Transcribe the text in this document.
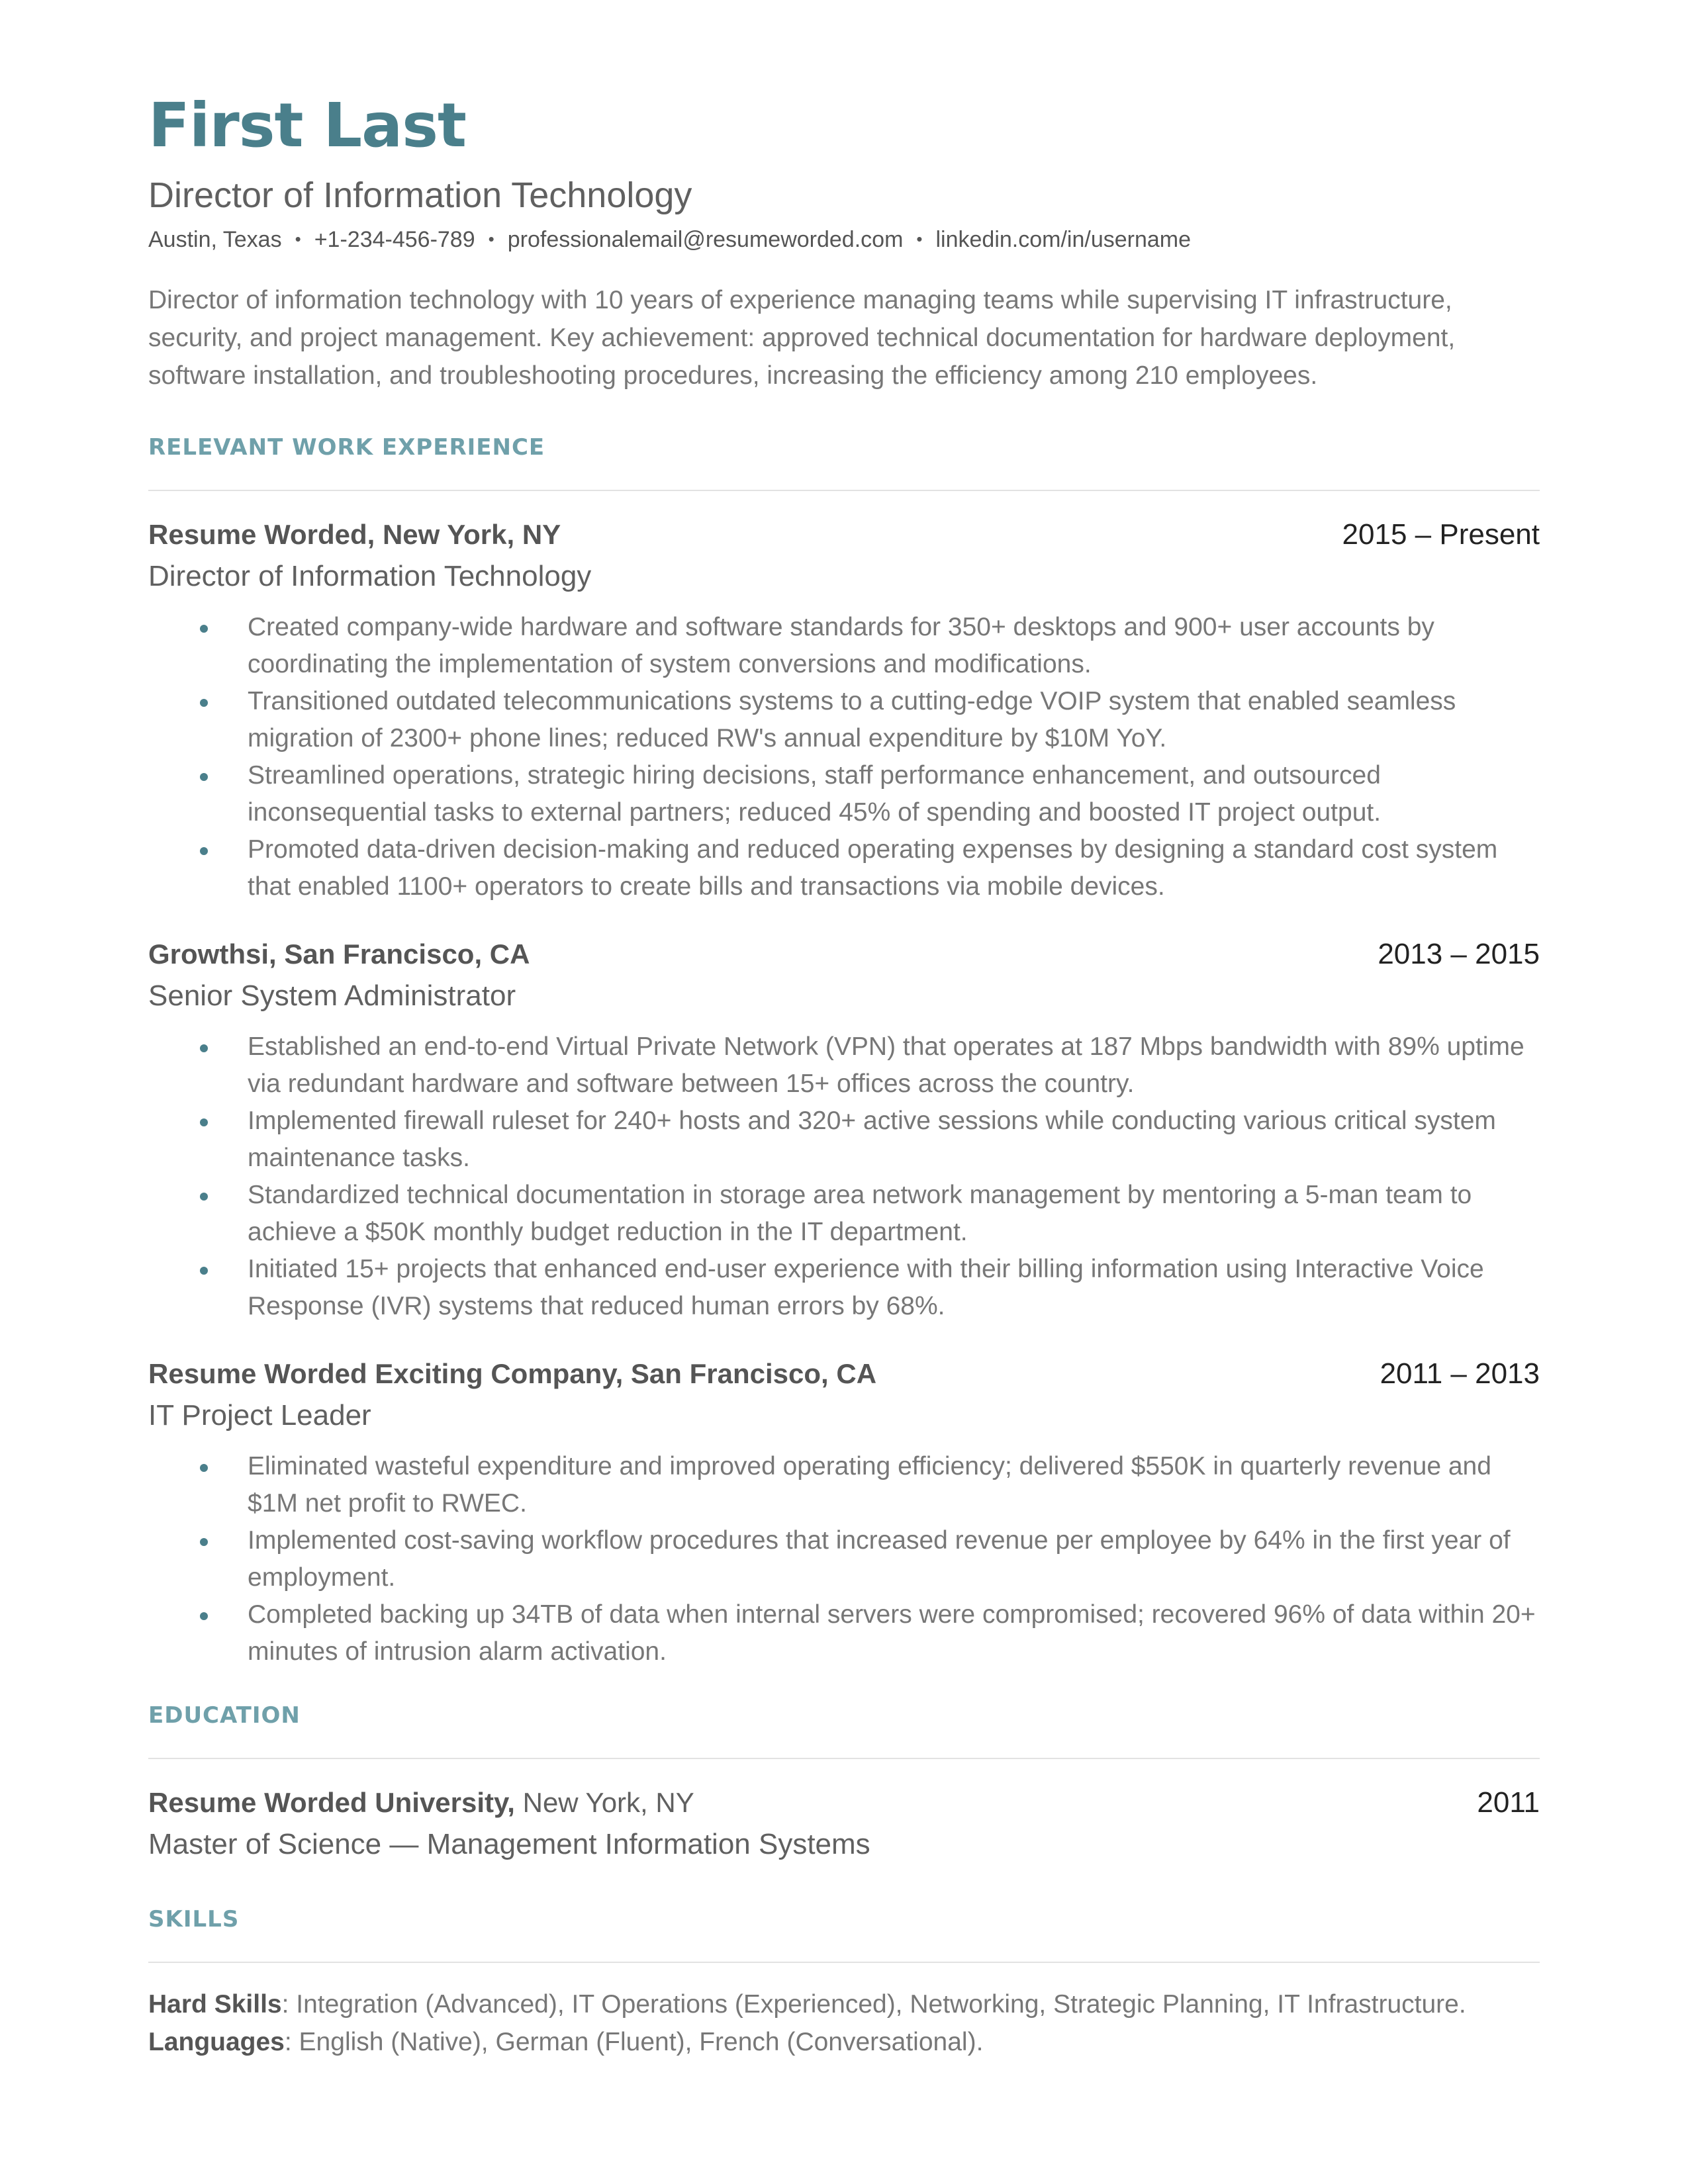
First Last
Director of Information Technology
Austin, Texas • +1-234-456-789 • professionalemail@resumeworded.com • linkedin.com/in/username
Director of information technology with 10 years of experience managing teams while supervising IT infrastructure, security, and project management. Key achievement: approved technical documentation for hardware deployment, software installation, and troubleshooting procedures, increasing the efficiency among 210 employees.
RELEVANT WORK EXPERIENCE
Resume Worded, New York, NY	2015 – Present
Director of Information Technology
Created company-wide hardware and software standards for 350+ desktops and 900+ user accounts by coordinating the implementation of system conversions and modifications.
Transitioned outdated telecommunications systems to a cutting-edge VOIP system that enabled seamless migration of 2300+ phone lines; reduced RW's annual expenditure by $10M YoY.
Streamlined operations, strategic hiring decisions, staff performance enhancement, and outsourced inconsequential tasks to external partners; reduced 45% of spending and boosted IT project output.
Promoted data-driven decision-making and reduced operating expenses by designing a standard cost system that enabled 1100+ operators to create bills and transactions via mobile devices.
Growthsi, San Francisco, CA	2013 – 2015
Senior System Administrator
Established an end-to-end Virtual Private Network (VPN) that operates at 187 Mbps bandwidth with 89% uptime via redundant hardware and software between 15+ offices across the country.
Implemented firewall ruleset for 240+ hosts and 320+ active sessions while conducting various critical system maintenance tasks.
Standardized technical documentation in storage area network management by mentoring a 5-man team to achieve a $50K monthly budget reduction in the IT department.
Initiated 15+ projects that enhanced end-user experience with their billing information using Interactive Voice Response (IVR) systems that reduced human errors by 68%.
Resume Worded Exciting Company, San Francisco, CA	2011 – 2013
IT Project Leader
Eliminated wasteful expenditure and improved operating efficiency; delivered $550K in quarterly revenue and $1M net profit to RWEC.
Implemented cost-saving workflow procedures that increased revenue per employee by 64% in the first year of employment.
Completed backing up 34TB of data when internal servers were compromised; recovered 96% of data within 20+ minutes of intrusion alarm activation.
EDUCATION
Resume Worded University, New York, NY	2011
Master of Science — Management Information Systems
SKILLS
Hard Skills: Integration (Advanced), IT Operations (Experienced), Networking, Strategic Planning, IT Infrastructure.
Languages: English (Native), German (Fluent), French (Conversational).
